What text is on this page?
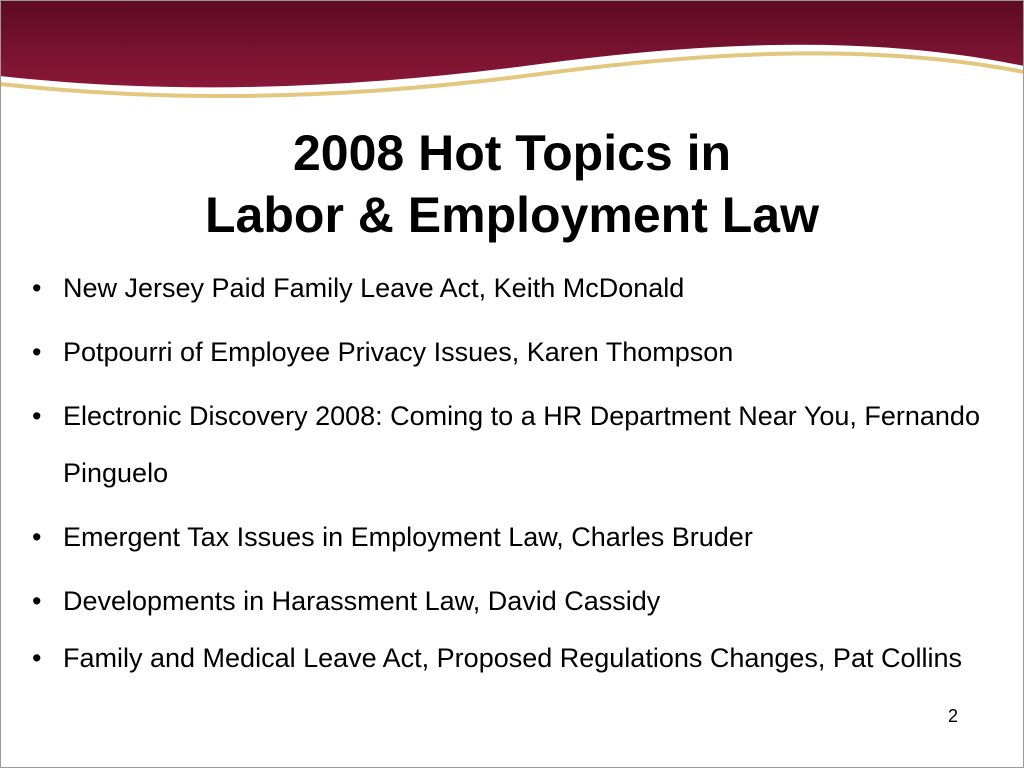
2008 Hot Topics in
Labor & Employment Law
• New Jersey Paid Family Leave Act, Keith McDonald
• Potpourri of Employee Privacy Issues, Karen Thompson
• Electronic Discovery 2008: Coming to a HR Department Near You, Fernando Pinguelo
• Emergent Tax Issues in Employment Law, Charles Bruder
• Developments in Harassment Law, David Cassidy
• Family and Medical Leave Act, Proposed Regulations Changes, Pat Collins
2
